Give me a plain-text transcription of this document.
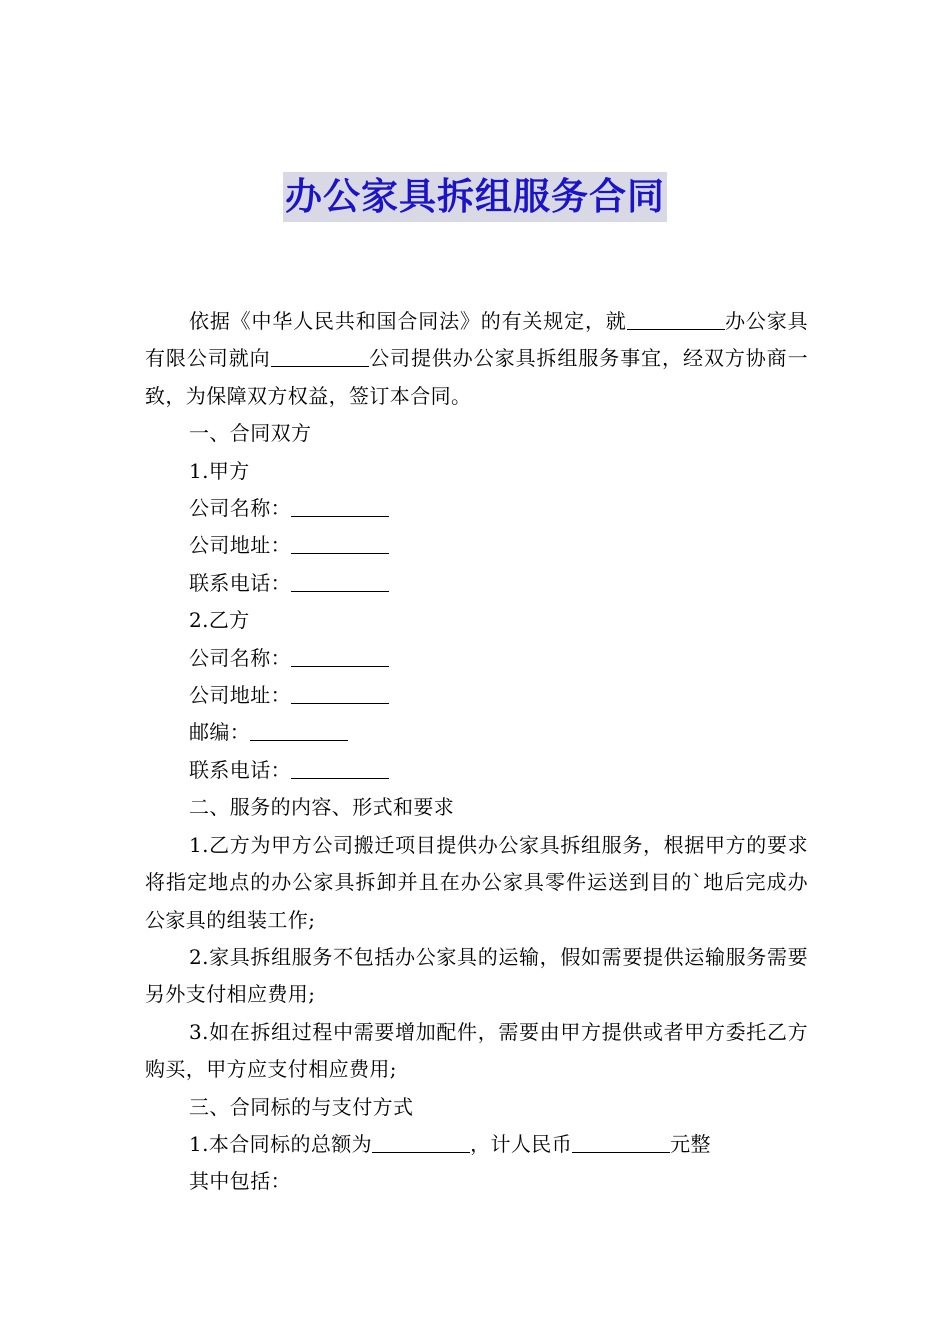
办公家具拆组服务合同

依据《中华人民共和国合同法》的有关规定，就	办公家具有限公司就向	公司提供办公家具拆组服务事宜，经双方协商一致，为保障双方权益，签订本合同。

一、合同双方

1.甲方

公司名称：

公司地址：

联系电话：

2.乙方

公司名称：

公司地址：

邮编：

联系电话：

二、服务的内容、形式和要求

1.乙方为甲方公司搬迁项目提供办公家具拆组服务，根据甲方的要求将指定地点的办公家具拆卸并且在办公家具零件运送到目的`地后完成办公家具的组装工作;

2.家具拆组服务不包括办公家具的运输，假如需要提供运输服务需要另外支付相应费用;

3.如在拆组过程中需要增加配件，需要由甲方提供或者甲方委托乙方购买，甲方应支付相应费用;

三、合同标的与支付方式

1.本合同标的总额为	，计人民币	元整

其中包括：
